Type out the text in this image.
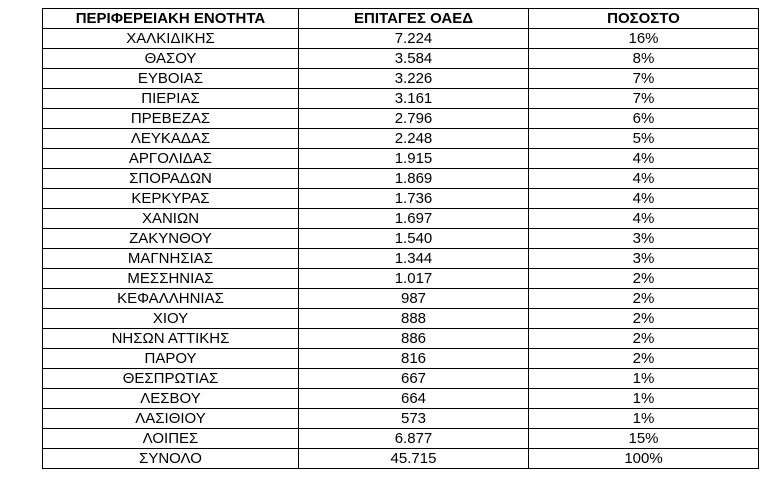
ΠΕΡΙΦΕΡΕΙΑΚΗ ΕΝΟΤΗΤΑ	ΕΠΙΤΑΓΕΣ ΟΑΕΔ	ΠΟΣΟΣΤΟ
ΧΑΛΚΙΔΙΚΗΣ	7.224	16%
ΘΑΣΟΥ	3.584	8%
ΕΥΒΟΙΑΣ	3.226	7%
ΠΙΕΡΙΑΣ	3.161	7%
ΠΡΕΒΕΖΑΣ	2.796	6%
ΛΕΥΚΑΔΑΣ	2.248	5%
ΑΡΓΟΛΙΔΑΣ	1.915	4%
ΣΠΟΡΑΔΩΝ	1.869	4%
ΚΕΡΚΥΡΑΣ	1.736	4%
ΧΑΝΙΩΝ	1.697	4%
ΖΑΚΥΝΘΟΥ	1.540	3%
ΜΑΓΝΗΣΙΑΣ	1.344	3%
ΜΕΣΣΗΝΙΑΣ	1.017	2%
ΚΕΦΑΛΛΗΝΙΑΣ	987	2%
ΧΙΟΥ	888	2%
ΝΗΣΩΝ ΑΤΤΙΚΗΣ	886	2%
ΠΑΡΟΥ	816	2%
ΘΕΣΠΡΩΤΙΑΣ	667	1%
ΛΕΣΒΟΥ	664	1%
ΛΑΣΙΘΙΟΥ	573	1%
ΛΟΙΠΕΣ	6.877	15%
ΣΥΝΟΛΟ	45.715	100%
